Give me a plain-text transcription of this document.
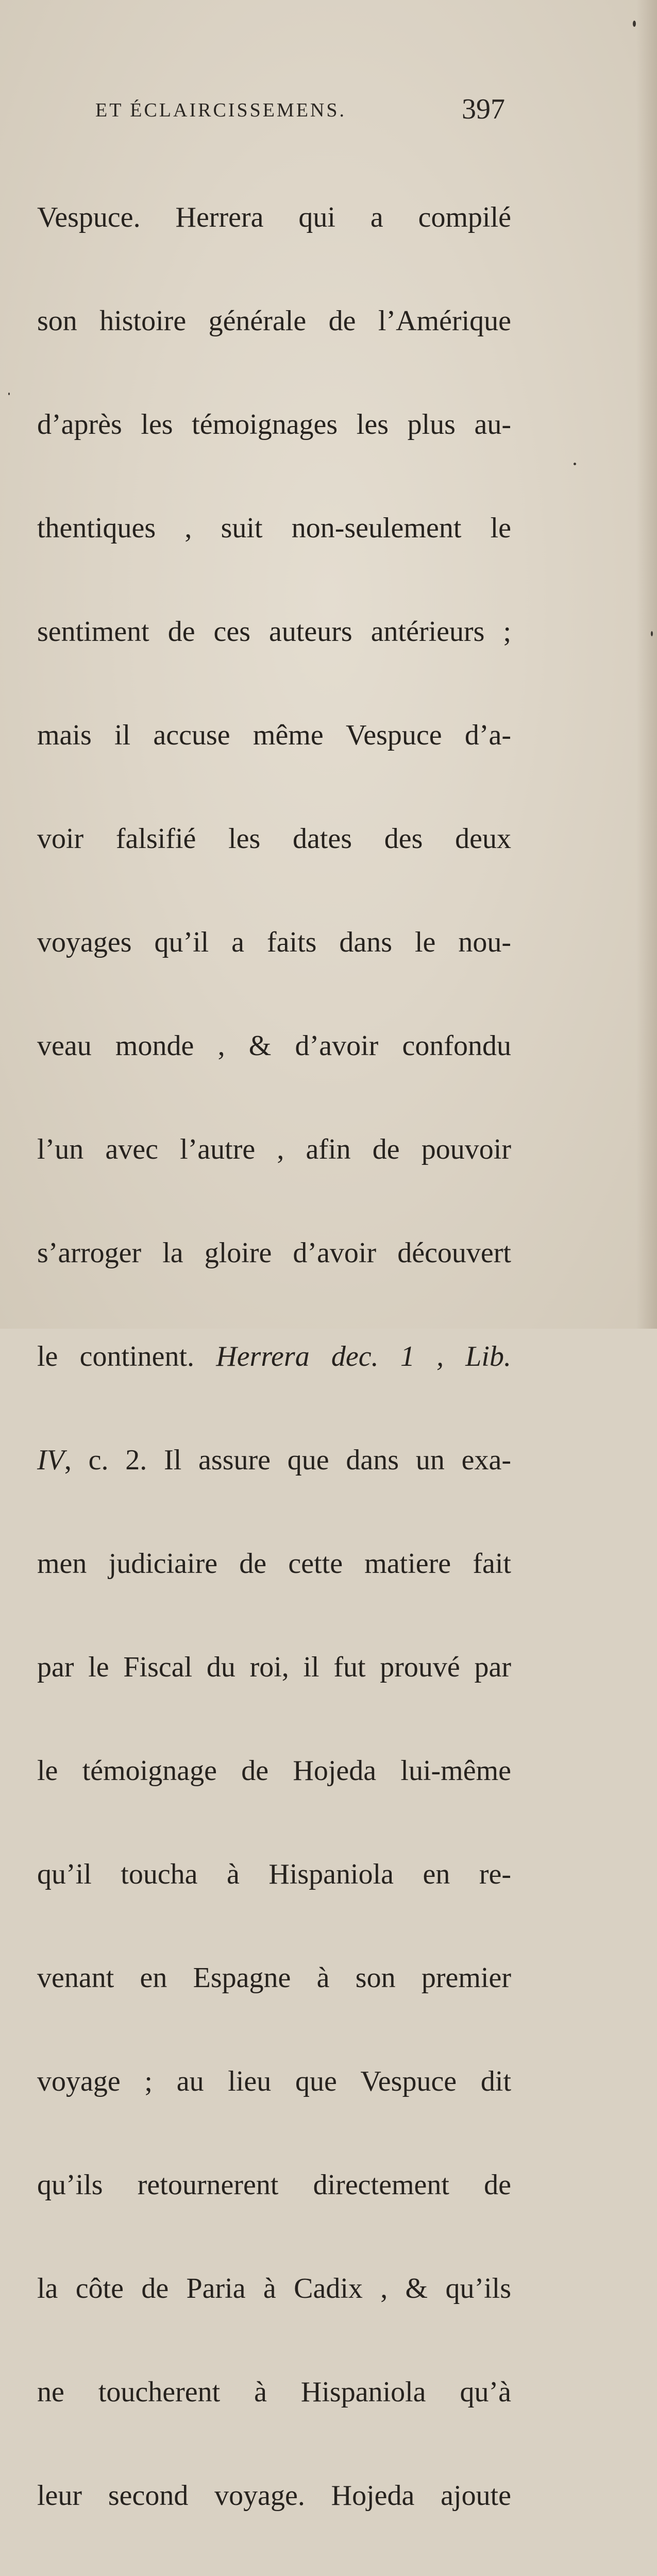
ET ÉCLAIRCISSEMENS.	397

Vespuce. Herrera qui a compilé

son histoire générale de l’Amérique

d’après les témoignages les plus au-

thentiques , suit non-seulement le

sentiment de ces auteurs antérieurs ;

mais il accuse même Vespuce d’a-

voir falsifié les dates des deux

voyages qu’il a faits dans le nou-

veau monde , & d’avoir confondu

l’un avec l’autre , afin de pouvoir

s’arroger la gloire d’avoir découvert

le continent. Herrera dec. 1 , Lib.

IV, c. 2. Il assure que dans un exa-

men judiciaire de cette matiere fait

par le Fiscal du roi, il fut prouvé par

le témoignage de Hojeda lui-même

qu’il toucha à Hispaniola en re-

venant en Espagne à son premier

voyage ; au lieu que Vespuce dit

qu’ils retournerent directement de

la côte de Paria à Cadix , & qu’ils

ne toucherent à Hispaniola qu’à

leur second voyage. Hojeda ajoute
